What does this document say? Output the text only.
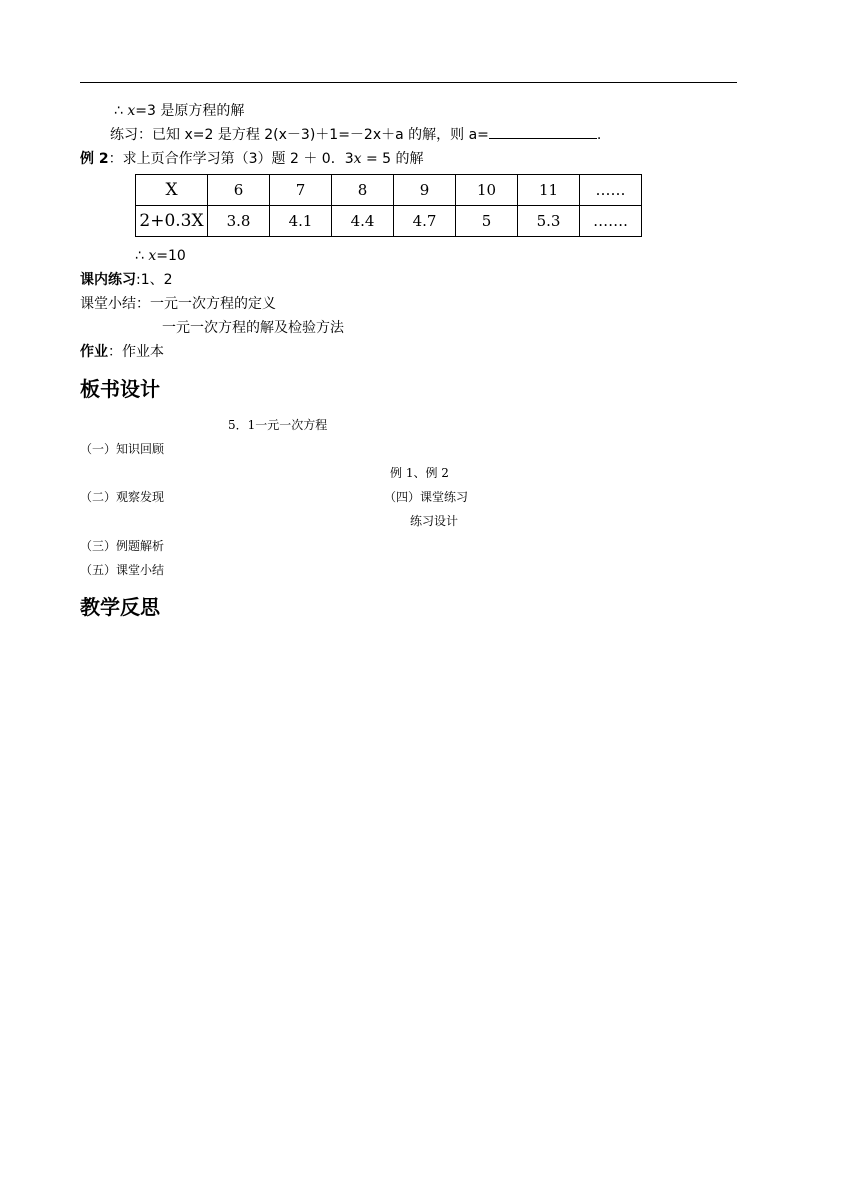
∴ x=3 是原方程的解
练习：已知 x=2 是方程 2(x－3)＋1=－2x＋a 的解，则 a=	.
例 2：求上页合作学习第（3）题 2 ＋ 0．3x = 5 的解
X	6	7	8	9	10	11	……
2+0.3X	3.8	4.1	4.4	4.7	5	5.3	…….
∴ x=10
课内练习:1、2
课堂小结：一元一次方程的定义
一元一次方程的解及检验方法
作业：作业本
板书设计
5．1一元一次方程
（一）知识回顾
例 1、例 2
（二）观察发现	（四）课堂练习
练习设计
（三）例题解析
（五）课堂小结
教学反思
